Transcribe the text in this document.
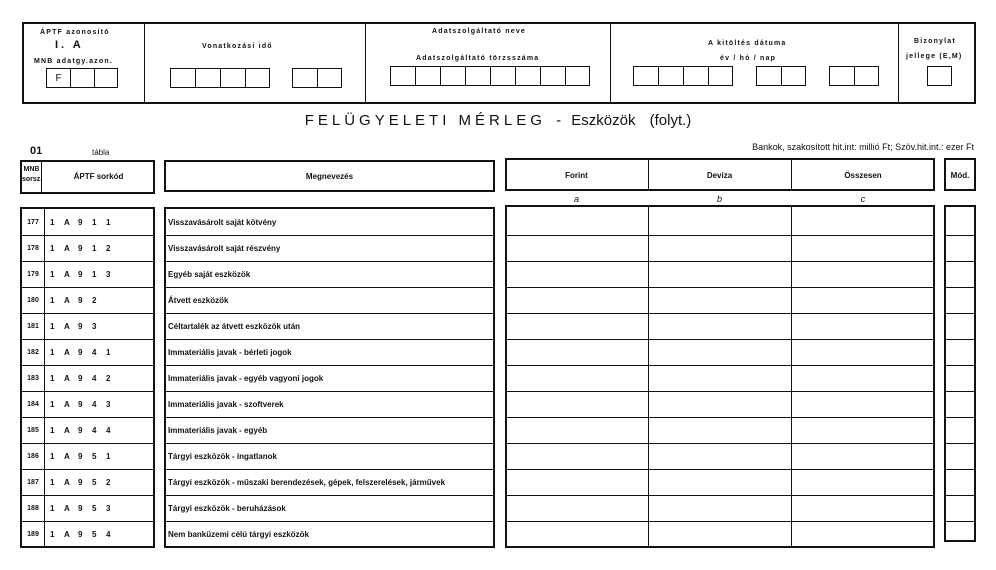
ÁPTF azonosító
I. A
MNB adatgy.azon.
F
Vonatkozási idő
Adatszolgáltató neve
Adatszolgáltató törzsszáma
A kitöltés dátuma
év / hó / nap
Bizonylat
jellege (E,M)
FELÜGYELETI MÉRLEG - Eszközök (folyt.)
01	tábla
Bankok, szakosított hit.int: millió Ft; Szöv.hit.int.: ezer Ft
MNB sorsz.	ÁPTF sorkód	Megnevezés	Forint	Deviza	Összesen
a	b	c
Mód.
177	1	A	9	1	1	Visszavásárolt saját kötvény
178	1	A	9	1	2	Visszavásárolt saját részvény
179	1	A	9	1	3	Egyéb saját eszközök
180	1	A	9	2	Átvett eszközök
181	1	A	9	3	Céltartalék az átvett eszközök után
182	1	A	9	4	1	Immateriális javak - bérleti jogok
183	1	A	9	4	2	Immateriális javak - egyéb vagyoni jogok
184	1	A	9	4	3	Immateriális javak - szoftverek
185	1	A	9	4	4	Immateriális javak - egyéb
186	1	A	9	5	1	Tárgyi eszközök - ingatlanok
187	1	A	9	5	2	Tárgyi eszközök - műszaki berendezések, gépek, felszerelések, járművek
188	1	A	9	5	3	Tárgyi eszközök - beruházások
189	1	A	9	5	4	Nem banküzemi célú tárgyi eszközök
